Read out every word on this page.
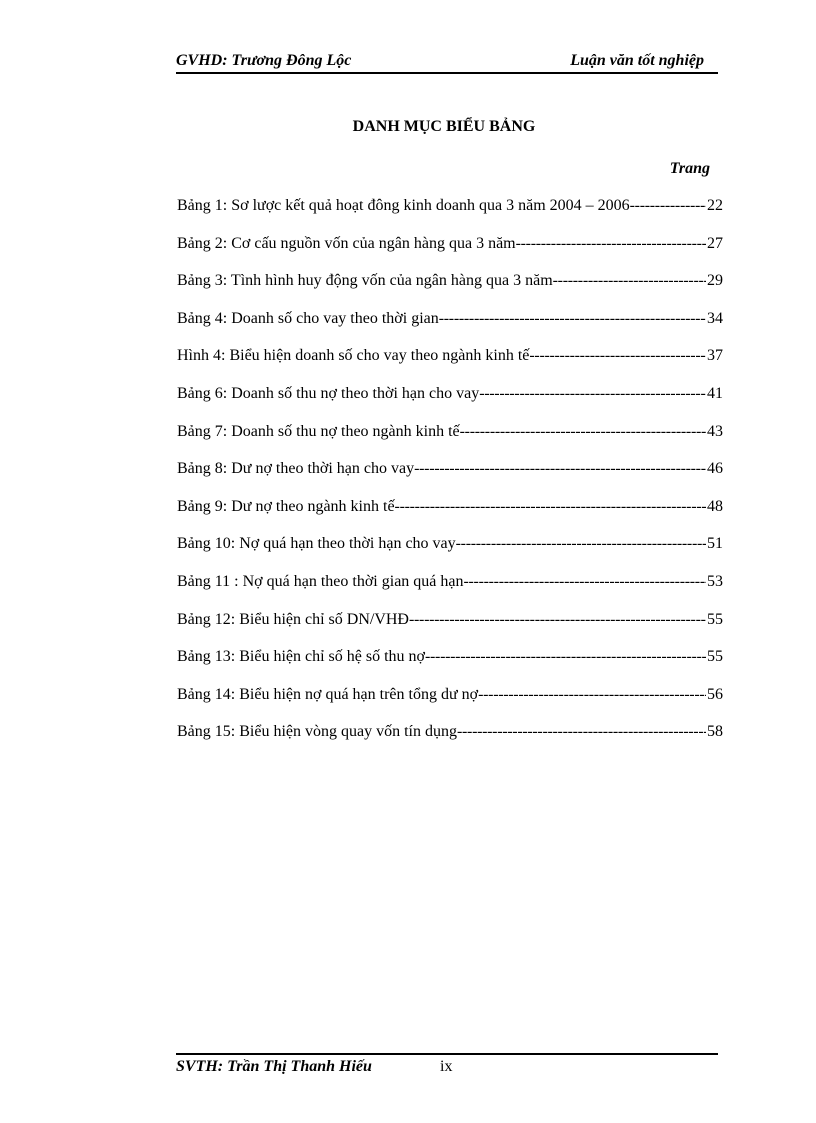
GVHD: Trương Đông Lộc	Luận văn tốt nghiệp
DANH MỤC BIỂU BẢNG
Trang
Bảng 1: Sơ lược kết quả hoạt đông kinh doanh qua 3 năm 2004 – 2006 -----	22
Bảng 2: Cơ cấu nguồn vốn của ngân hàng qua 3 năm -----	27
Bảng 3: Tình hình huy động vốn của ngân hàng qua 3 năm -----	29
Bảng 4: Doanh số cho vay theo thời gian -----	34
Hình 4: Biểu hiện doanh số cho vay theo ngành kinh tế -----	37
Bảng 6: Doanh số thu nợ theo thời hạn cho vay -----	41
Bảng 7: Doanh số thu nợ theo ngành kinh tế -----	43
Bảng 8: Dư nợ theo thời hạn cho vay -----	46
Bảng 9: Dư nợ theo ngành kinh tế -----	48
Bảng 10: Nợ quá hạn theo thời hạn cho vay -----	51
Bảng 11 : Nợ quá hạn theo thời gian quá hạn -----	53
Bảng 12: Biểu hiện chỉ số DN/VHĐ -----	55
Bảng 13: Biểu hiện chỉ số hệ số thu nợ -----	55
Bảng 14: Biểu hiện nợ quá hạn trên tổng dư nợ -----	56
Bảng 15: Biểu hiện vòng quay vốn tín dụng -----	58
SVTH: Trần Thị Thanh Hiếu	ix
